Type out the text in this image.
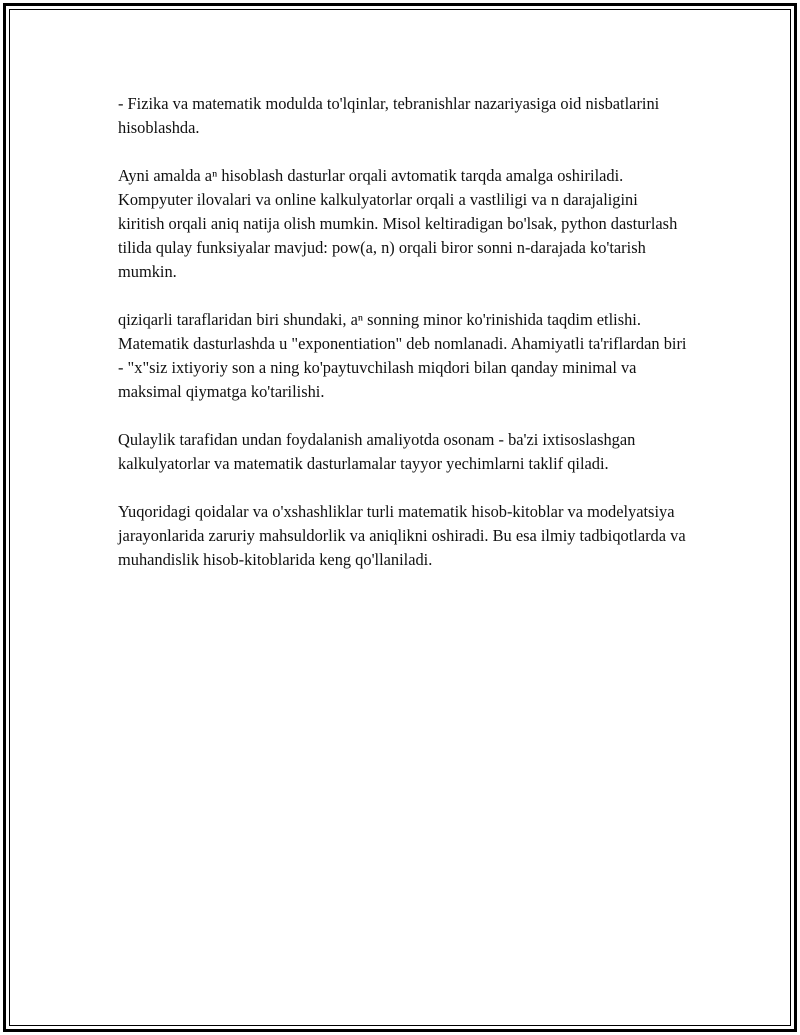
- Fizika va matematik modulda to'lqinlar, tebranishlar nazariyasiga oid nisbatlarini hisoblashda.

Ayni amalda aⁿ hisoblash dasturlar orqali avtomatik tarqda amalga oshiriladi. Kompyuter ilovalari va online kalkulyatorlar orqali a vastliligi va n darajaligini kiritish orqali aniq natija olish mumkin. Misol keltiradigan bo'lsak, python dasturlash tilida qulay funksiyalar mavjud: pow(a, n) orqali biror sonni n-darajada ko'tarish mumkin.

qiziqarli taraflaridan biri shundaki, aⁿ sonning minor ko'rinishida taqdim etlishi. Matematik dasturlashda u "exponentiation" deb nomlanadi. Ahamiyatli ta'riflardan biri - "x"siz ixtiyoriy son a ning ko'paytuvchilash miqdori bilan qanday minimal va maksimal qiymatga ko'tarilishi.

Qulaylik tarafidan undan foydalanish amaliyotda osonam - ba'zi ixtisoslashgan kalkulyatorlar va matematik dasturlamalar tayyor yechimlarni taklif qiladi.

Yuqoridagi qoidalar va o'xshashliklar turli matematik hisob-kitoblar va modelyatsiya jarayonlarida zaruriy mahsuldorlik va aniqlikni oshiradi. Bu esa ilmiy tadbiqotlarda va muhandislik hisob-kitoblarida keng qo'llaniladi.
